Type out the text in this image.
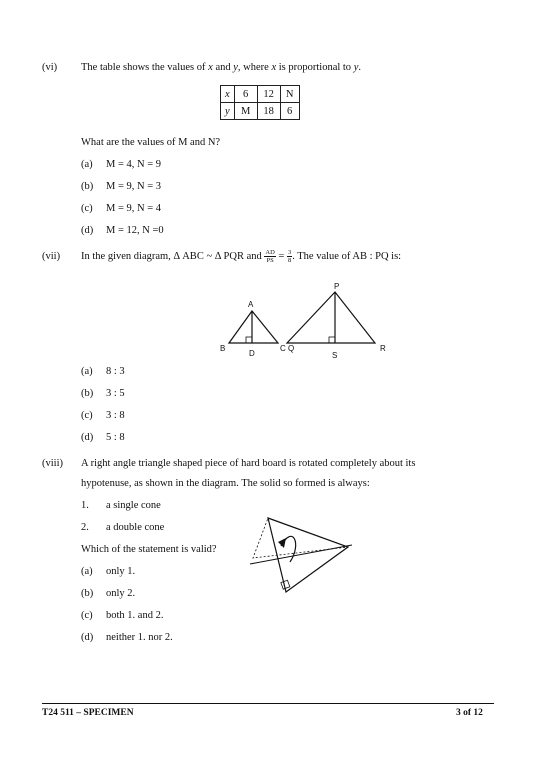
(vi) The table shows the values of x and y, where x is proportional to y.
x	6	12	N
y	M	18	6
What are the values of M and N?
(a) M = 4, N = 9
(b) M = 9, N = 3
(c) M = 9, N = 4
(d) M = 12, N =0
(vii) In the given diagram, Δ ABC ~ Δ PQR and $\frac{AD}{PS} = \frac{3}{8}$ . The value of AB : PQ is:
A
B
D
C Q
P
S
R
(a) 8 : 3
(b) 3 : 5
(c) 3 : 8
(d) 5 : 8
(viii) A right angle triangle shaped piece of hard board is rotated completely about its
hypotenuse, as shown in the diagram. The solid so formed is always:
1. a single cone
2. a double cone
Which of the statement is valid?
(a) only 1.
(b) only 2.
(c) both 1. and 2.
(d) neither 1. nor 2.
T24 511 – SPECIMEN	3 of 12
